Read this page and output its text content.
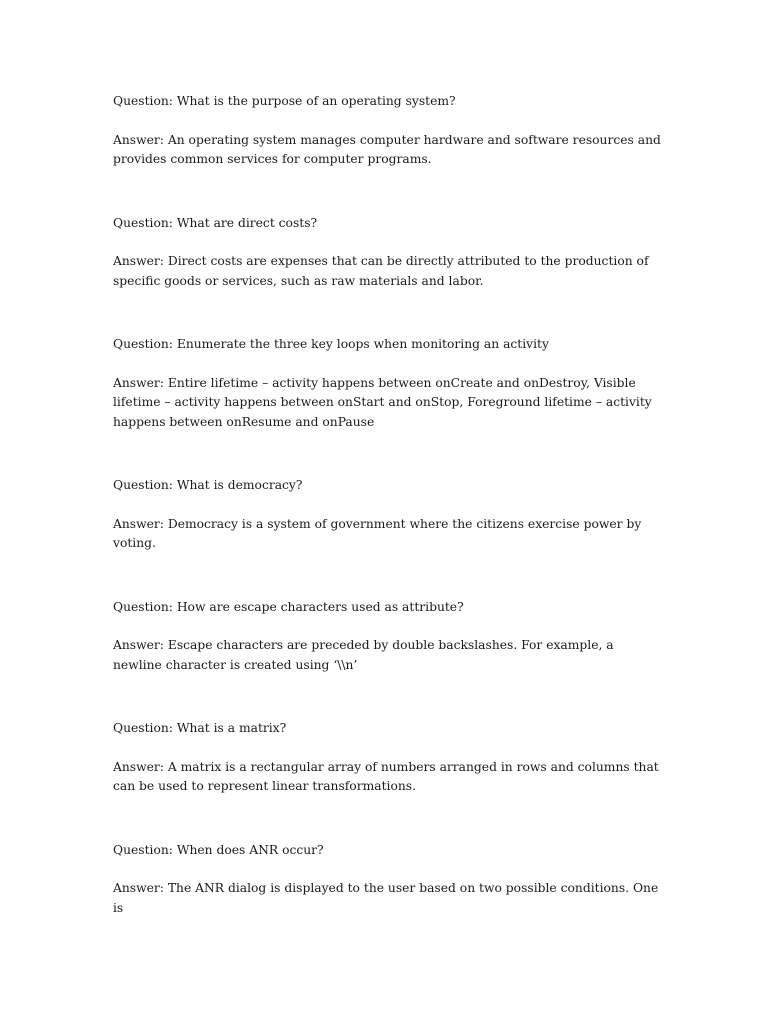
Question: What is the purpose of an operating system?

Answer: An operating system manages computer hardware and software resources and provides common services for computer programs.

Question: What are direct costs?

Answer: Direct costs are expenses that can be directly attributed to the production of specific goods or services, such as raw materials and labor.

Question: Enumerate the three key loops when monitoring an activity

Answer: Entire lifetime – activity happens between onCreate and onDestroy, Visible lifetime – activity happens between onStart and onStop, Foreground lifetime – activity happens between onResume and onPause

Question: What is democracy?

Answer: Democracy is a system of government where the citizens exercise power by voting.

Question: How are escape characters used as attribute?

Answer: Escape characters are preceded by double backslashes. For example, a newline character is created using ‘\\n’

Question: What is a matrix?

Answer: A matrix is a rectangular array of numbers arranged in rows and columns that can be used to represent linear transformations.

Question: When does ANR occur?

Answer: The ANR dialog is displayed to the user based on two possible conditions. One is
